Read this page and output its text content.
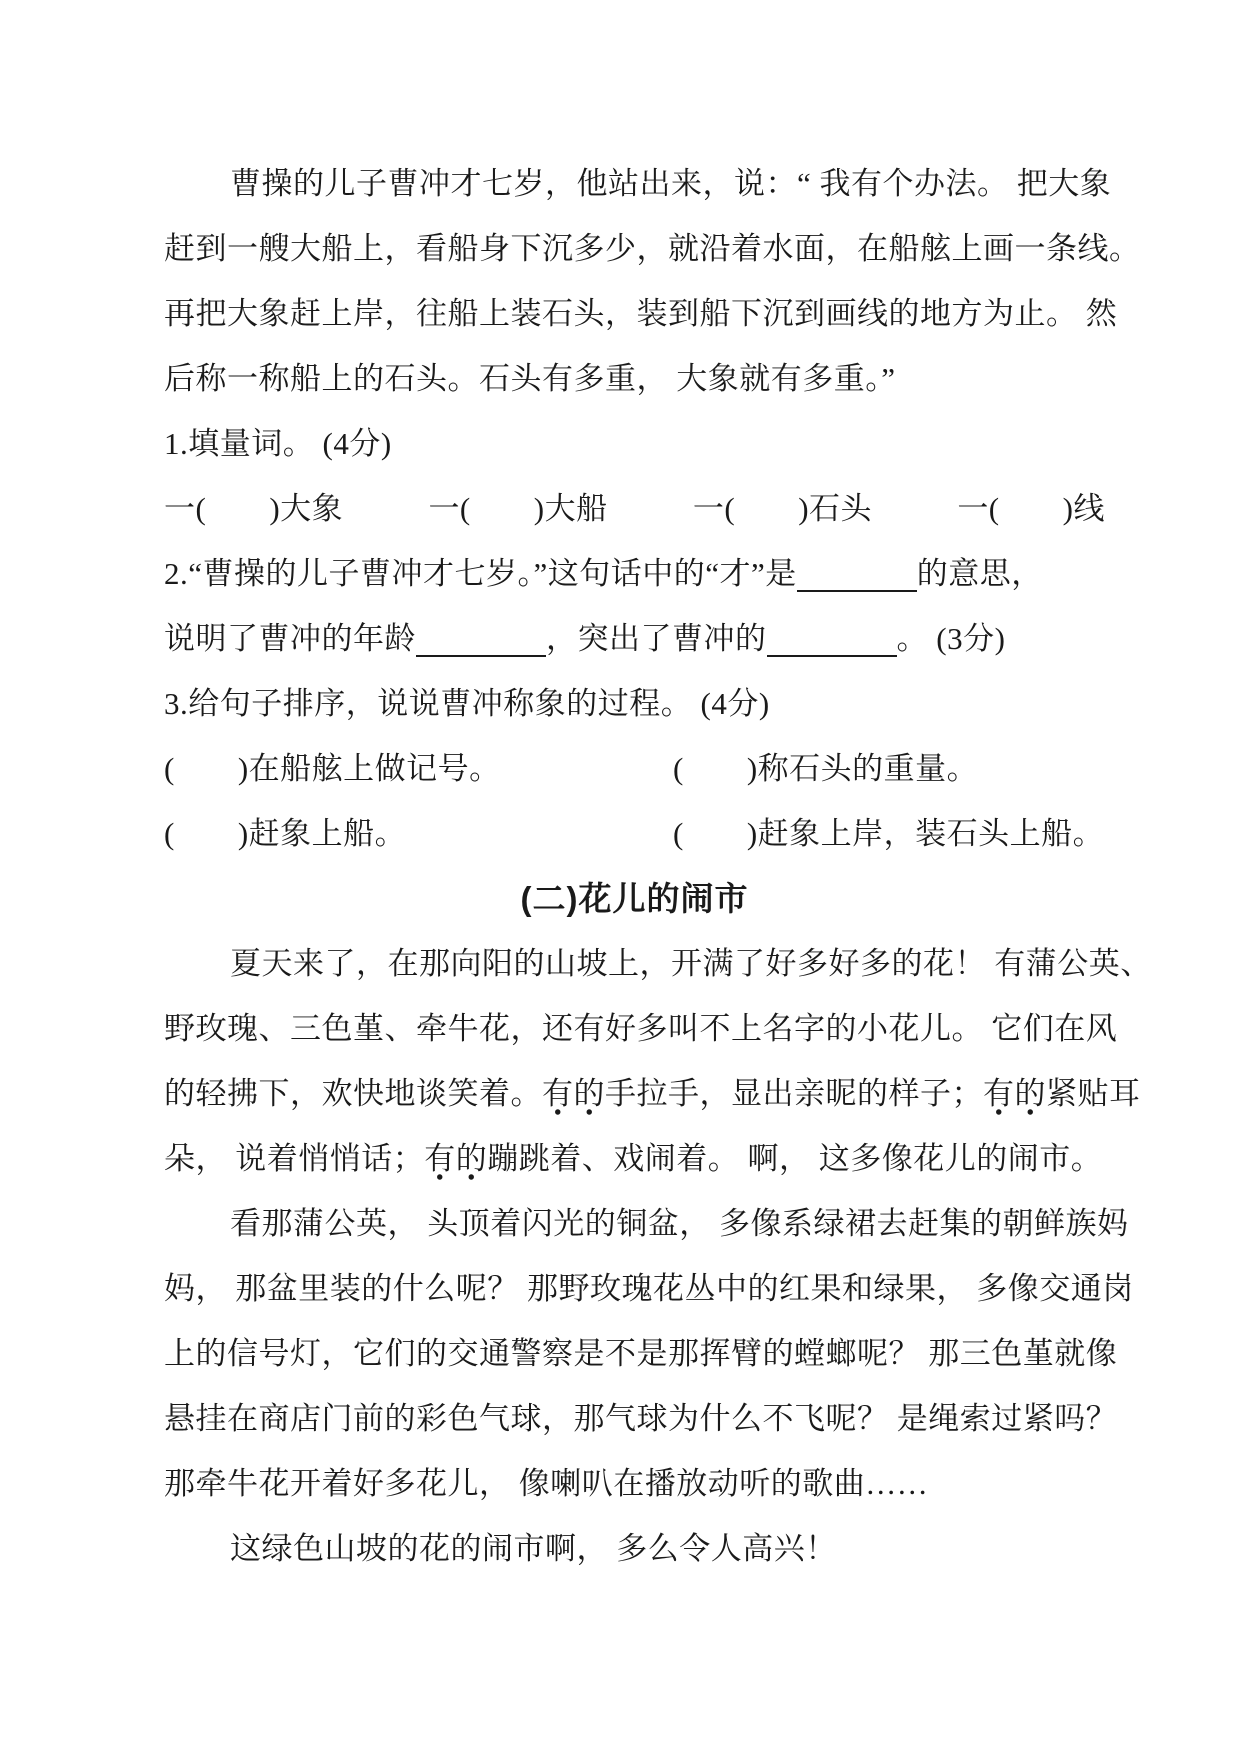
曹操的儿子曹冲才七岁，他站出来，说：“ 我有个办法。 把大象
赶到一艘大船上，看船身下沉多少，就沿着水面，在船舷上画一条线。
再把大象赶上岸，往船上装石头，装到船下沉到画线的地方为止。 然
后称一称船上的石头。石头有多重， 大象就有多重。”
1.填量词。 (4分)
一(　　)大象	一(　　)大船	一(　　)石头	一(　　)线
2.“曹操的儿子曹冲才七岁。”这句话中的“才”是	的意思，
说明了曹冲的年龄	，突出了曹冲的	。 (3分)
3.给句子排序，说说曹冲称象的过程。 (4分)
(　　)在船舷上做记号。	(　　)称石头的重量。
(　　)赶象上船。	(　　)赶象上岸，装石头上船。
(二)花儿的闹市
夏天来了，在那向阳的山坡上，开满了好多好多的花！ 有蒲公英、
野玫瑰、三色堇、牵牛花，还有好多叫不上名字的小花儿。 它们在风
的轻拂下，欢快地谈笑着。有的手拉手，显出亲昵的样子；有的紧贴耳
朵， 说着悄悄话；有的蹦跳着、戏闹着。 啊， 这多像花儿的闹市。
看那蒲公英， 头顶着闪光的铜盆， 多像系绿裙去赶集的朝鲜族妈
妈， 那盆里装的什么呢？ 那野玫瑰花丛中的红果和绿果， 多像交通岗
上的信号灯，它们的交通警察是不是那挥臂的螳螂呢？ 那三色堇就像
悬挂在商店门前的彩色气球，那气球为什么不飞呢？ 是绳索过紧吗？
那牵牛花开着好多花儿， 像喇叭在播放动听的歌曲……
这绿色山坡的花的闹市啊， 多么令人高兴！
